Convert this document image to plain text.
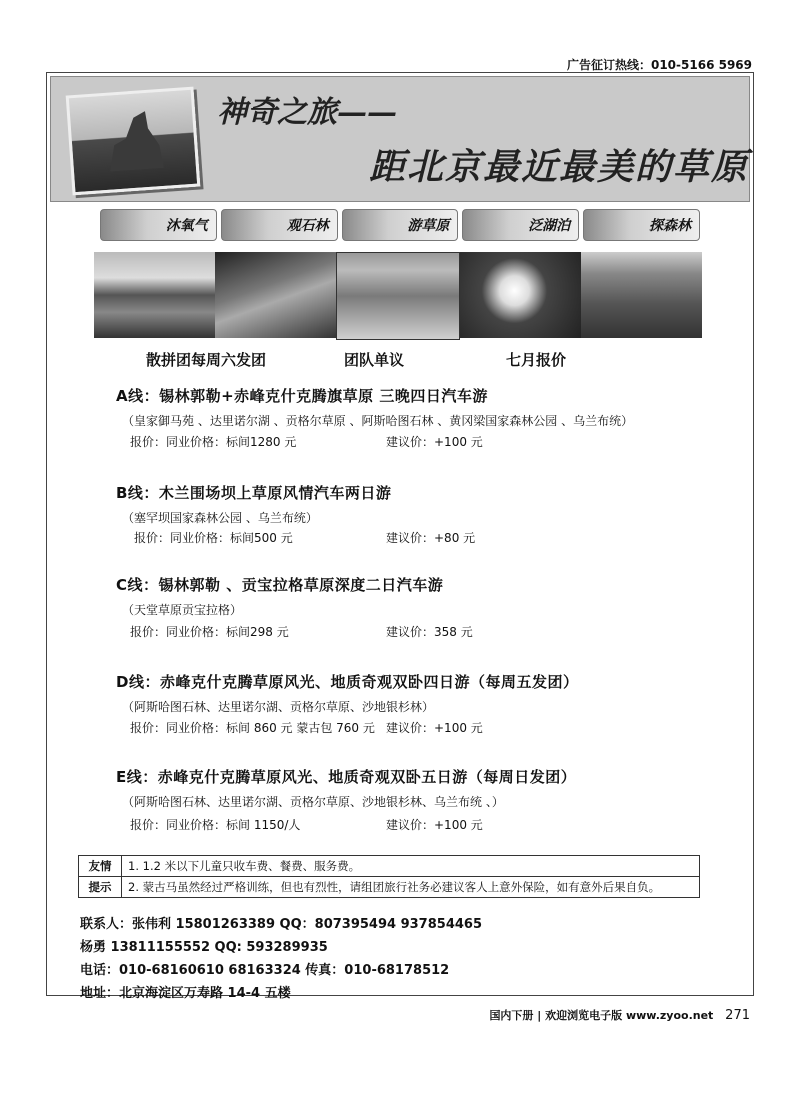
广告征订热线：010-5166 5969
神奇之旅——
距北京最近最美的草原
沐氧气	观石林	游草原	泛湖泊	探森林
散拼团每周六发团	团队单议	七月报价
A线：锡林郭勒+赤峰克什克腾旗草原 三晚四日汽车游
（皇家御马苑 、达里诺尔湖 、贡格尔草原 、阿斯哈图石林 、黄冈梁国家森林公园 、乌兰布统）
报价：同业价格：标间1280 元	建议价：+100 元
B线：木兰围场坝上草原风情汽车两日游
（塞罕坝国家森林公园 、乌兰布统）
报价：同业价格：标间500 元	建议价：+80 元
C线：锡林郭勒 、贡宝拉格草原深度二日汽车游
（天堂草原贡宝拉格）
报价：同业价格：标间298 元	建议价：358 元
D线：赤峰克什克腾草原风光、地质奇观双卧四日游（每周五发团）
（阿斯哈图石林、达里诺尔湖、贡格尔草原、沙地银杉林）
报价：同业价格：标间 860 元 蒙古包 760 元 建议价：+100 元
E线：赤峰克什克腾草原风光、地质奇观双卧五日游（每周日发团）
（阿斯哈图石林、达里诺尔湖、贡格尔草原、沙地银杉林、乌兰布统 、）
报价：同业价格：标间 1150/人	建议价：+100 元
友情	1. 1.2 米以下儿童只收车费、餐费、服务费。
提示	2. 蒙古马虽然经过严格训练，但也有烈性，请组团旅行社务必建议客人上意外保险，如有意外后果自负。
联系人：张伟利 15801263389 QQ：807395494 937854465
杨勇 13811155552 QQ: 593289935
电话：010-68160610 68163324 传真：010-68178512
地址：北京海淀区万寿路 14-4 五楼
国内下册 | 欢迎浏览电子版 www.zyoo.net 271
